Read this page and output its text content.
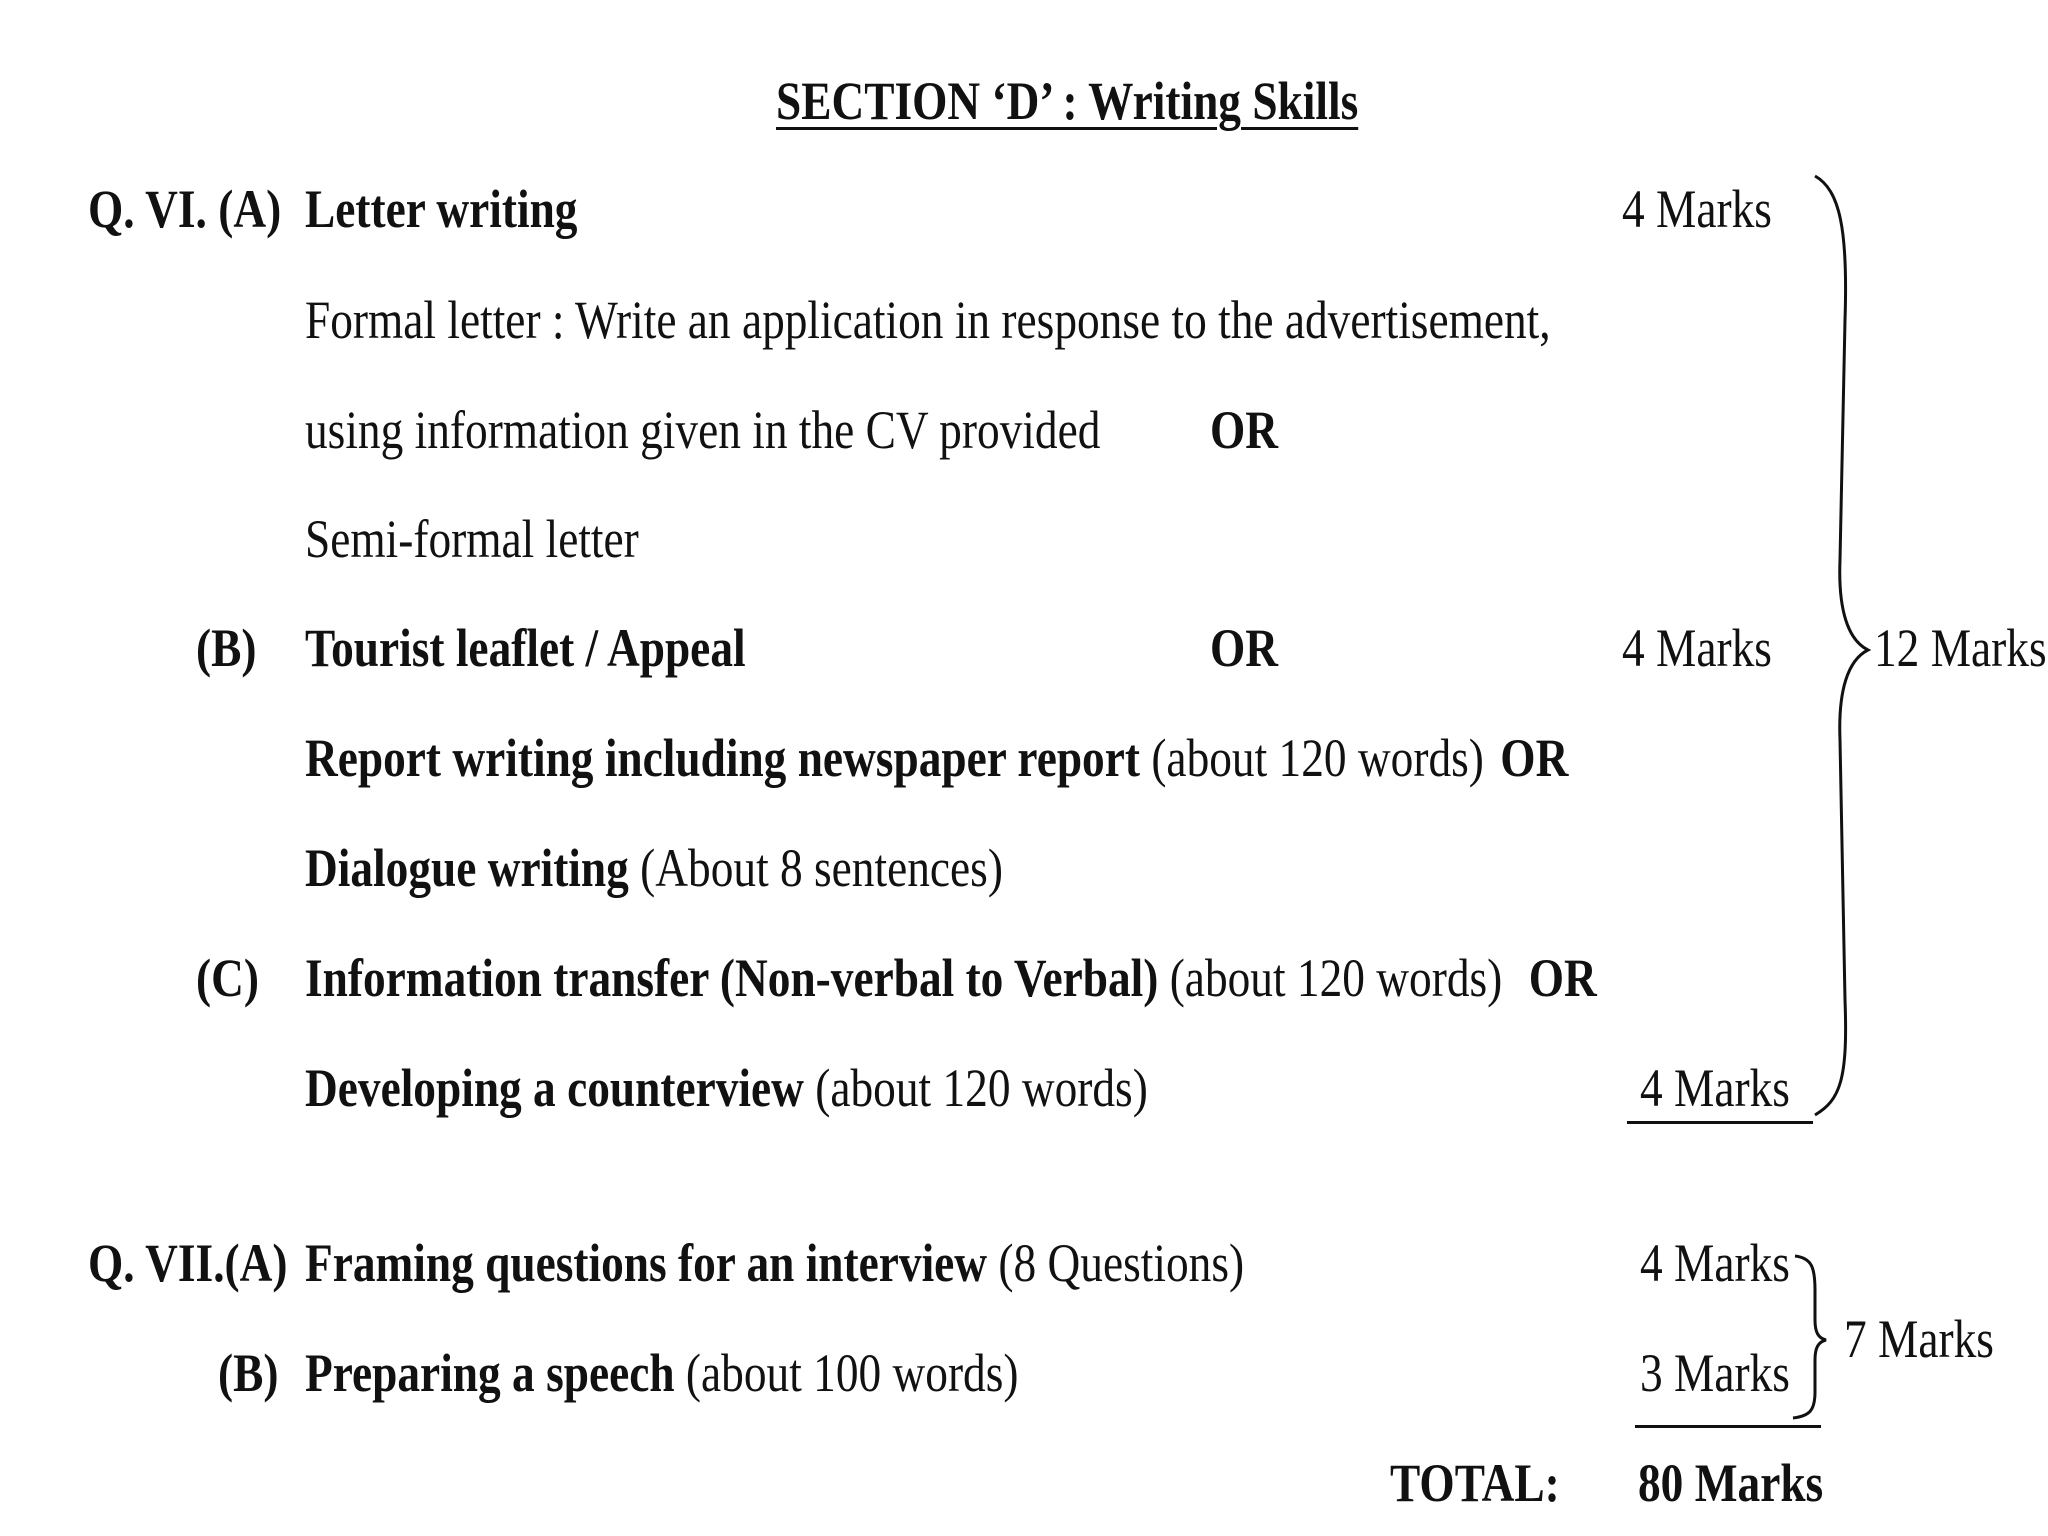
SECTION ‘D’ : Writing Skills
Q. VI. (A) Letter writing	4 Marks
Formal letter : Write an application in response to the advertisement,
using information given in the CV provided OR
Semi-formal letter
(B) Tourist leaflet / Appeal	OR	4 Marks
Report writing including newspaper report (about 120 words) OR
Dialogue writing (About 8 sentences)
(C) Information transfer (Non-verbal to Verbal) (about 120 words) OR
Developing a counterview (about 120 words)	4 Marks
12 Marks
Q. VII.(A) Framing questions for an interview (8 Questions)	4 Marks
(B) Preparing a speech (about 100 words)	3 Marks
7 Marks
TOTAL: 80 Marks
